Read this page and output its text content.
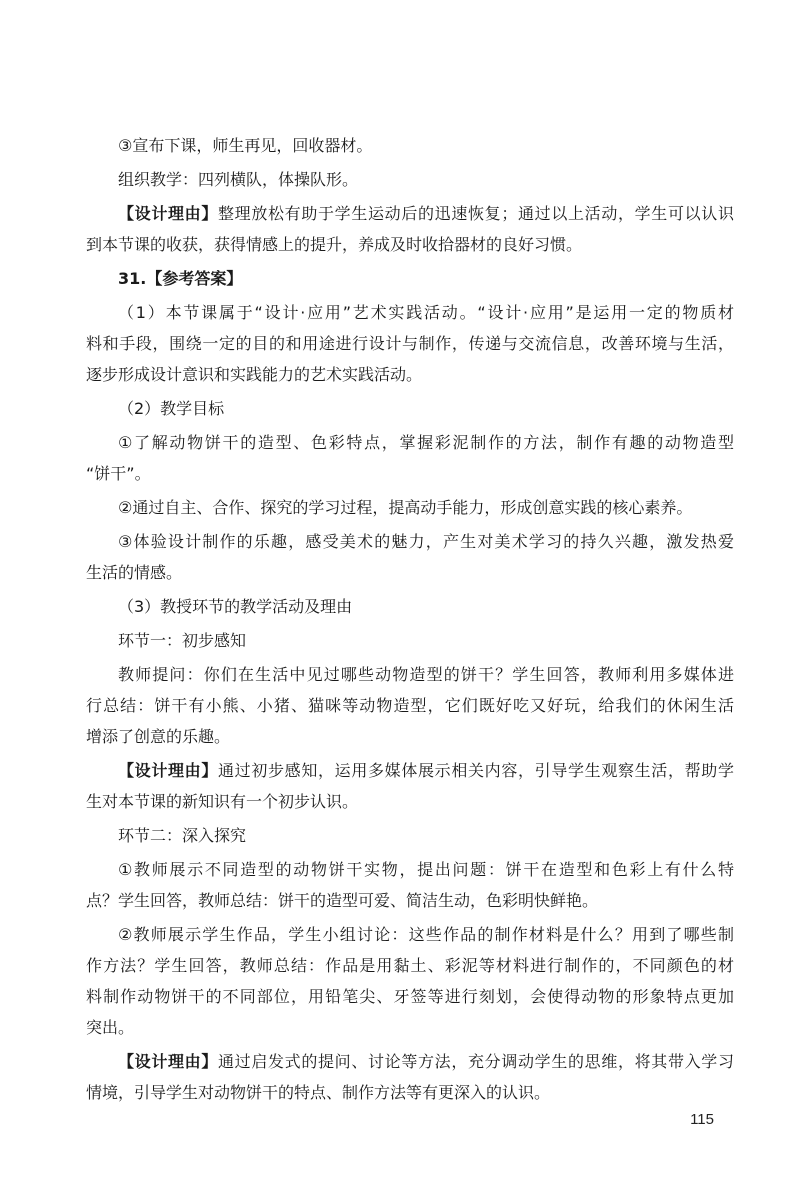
③宣布下课，师生再见，回收器材。

组织教学：四列横队，体操队形。

【设计理由】整理放松有助于学生运动后的迅速恢复；通过以上活动，学生可以认识

到本节课的收获，获得情感上的提升，养成及时收拾器材的良好习惯。

31.【参考答案】

（1）本节课属于“设计·应用”艺术实践活动。“设计·应用”是运用一定的物质材

料和手段，围绕一定的目的和用途进行设计与制作，传递与交流信息，改善环境与生活，

逐步形成设计意识和实践能力的艺术实践活动。

（2）教学目标

①了解动物饼干的造型、色彩特点，掌握彩泥制作的方法，制作有趣的动物造型

“饼干”。

②通过自主、合作、探究的学习过程，提高动手能力，形成创意实践的核心素养。

③体验设计制作的乐趣，感受美术的魅力，产生对美术学习的持久兴趣，激发热爱

生活的情感。

（3）教授环节的教学活动及理由

环节一：初步感知

教师提问：你们在生活中见过哪些动物造型的饼干？学生回答，教师利用多媒体进

行总结：饼干有小熊、小猪、猫咪等动物造型，它们既好吃又好玩，给我们的休闲生活

增添了创意的乐趣。

【设计理由】通过初步感知，运用多媒体展示相关内容，引导学生观察生活，帮助学

生对本节课的新知识有一个初步认识。

环节二：深入探究

①教师展示不同造型的动物饼干实物，提出问题：饼干在造型和色彩上有什么特

点？学生回答，教师总结：饼干的造型可爱、简洁生动，色彩明快鲜艳。

②教师展示学生作品，学生小组讨论：这些作品的制作材料是什么？用到了哪些制

作方法？学生回答，教师总结：作品是用黏土、彩泥等材料进行制作的，不同颜色的材

料制作动物饼干的不同部位，用铅笔尖、牙签等进行刻划，会使得动物的形象特点更加

突出。

【设计理由】通过启发式的提问、讨论等方法，充分调动学生的思维，将其带入学习

情境，引导学生对动物饼干的特点、制作方法等有更深入的认识。

115
